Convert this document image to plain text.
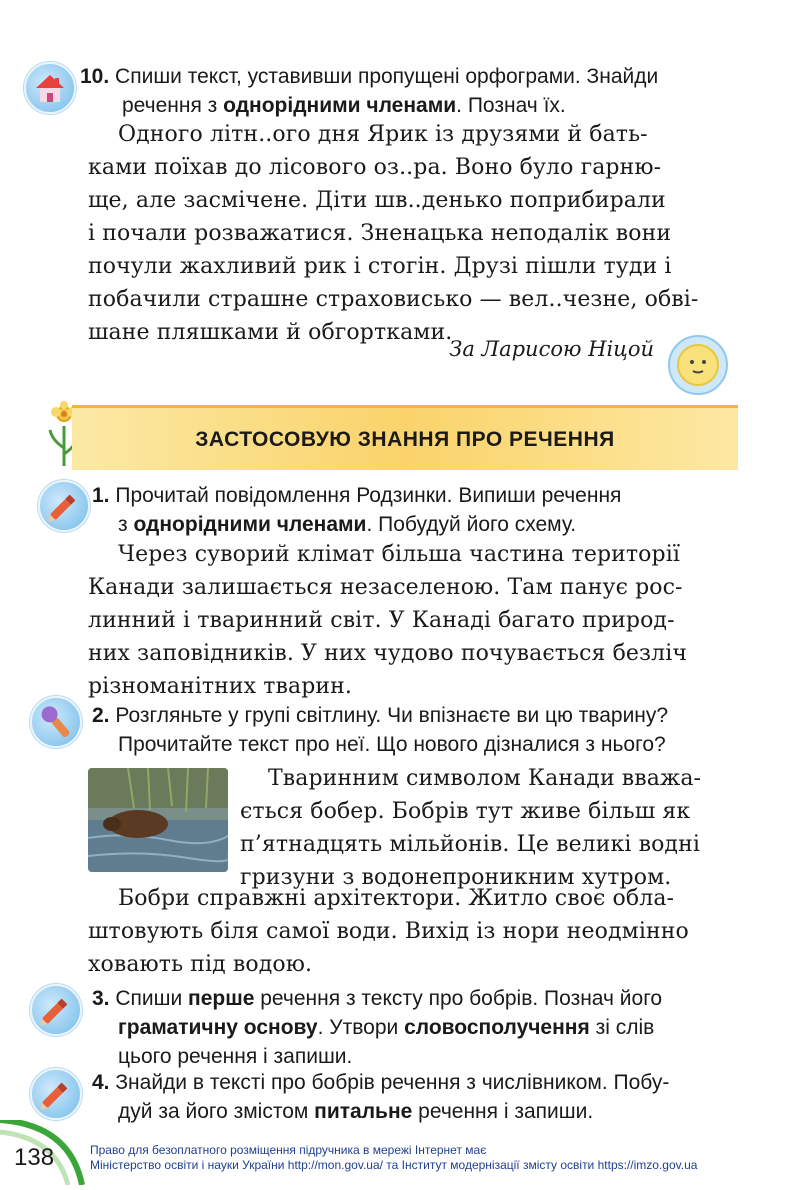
10. Спиши текст, уставивши пропущені орфограми. Знайди
речення з однорідними членами. Познач їх.
Одного літн..ого дня Ярик із друзями й бать-
ками поїхав до лісового оз..ра. Воно було гарню-
ще, але засмічене. Діти шв..денько поприбирали
і почали розважатися. Зненацька неподалік вони
почули жахливий рик і стогін. Друзі пішли туди і
побачили страшне страховисько — вел..чезне, обві-
шане пляшками й обгортками.
За Ларисою Ніцой
ЗАСТОСОВУЮ ЗНАННЯ ПРО РЕЧЕННЯ
1. Прочитай повідомлення Родзинки. Випиши речення
з однорідними членами. Побудуй його схему.
Через суворий клімат більша частина території
Канади залишається незаселеною. Там панує рос-
линний і тваринний світ. У Канаді багато природ-
них заповідників. У них чудово почувається безліч
різноманітних тварин.
2. Розгляньте у групі світлину. Чи впізнаєте ви цю тварину?
Прочитайте текст про неї. Що нового дізналися з нього?
Тваринним символом Канади вважа-
ється бобер. Бобрів тут живе більш як
п’ятнадцять мільйонів. Це великі водні
гризуни з водонепроникним хутром.
Бобри справжні архітектори. Житло своє обла-
штовують біля самої води. Вихід із нори неодмінно
ховають під водою.
3. Спиши перше речення з тексту про бобрів. Познач його
граматичну основу. Утвори словосполучення зі слів
цього речення і запиши.
4. Знайди в тексті про бобрів речення з числівником. Побу-
дуй за його змістом питальне речення і запиши.
138	Право для безоплатного розміщення підручника в мережі Інтернет має
Міністерство освіти і науки України http://mon.gov.ua/ та Інститут модернізації змісту освіти https://imzo.gov.ua
